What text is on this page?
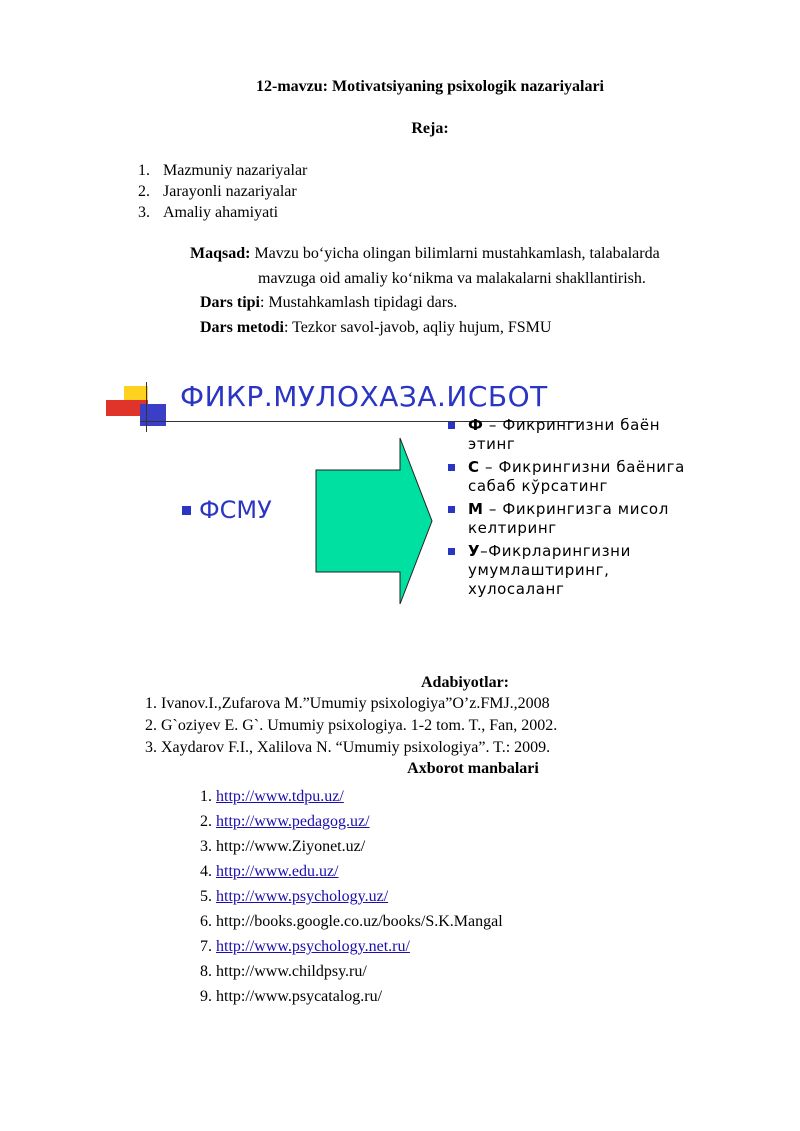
12-mavzu: Motivatsiyaning psixologik nazariyalari
Reja:
1. Mazmuniy nazariyalar
2. Jarayonli nazariyalar
3. Amaliy ahamiyati
Maqsad: Mavzu bo‘yicha olingan bilimlarni mustahkamlash, talabalarda
mavzuga oid amaliy ko‘nikma va malakalarni shakllantirish.
Dars tipi: Mustahkamlash tipidagi dars.
Dars metodi: Tezkor savol-javob, aqliy hujum, FSMU
ФИКР.МУЛОХАЗА.ИСБОТ
ФСМУ
Ф – Фикрингизни баён этинг
С – Фикрингизни баёнига сабаб кўрсатинг
М – Фикрингизга мисол келтиринг
У–Фикрларингизни умумлаштиринг, хулосаланг
Adabiyotlar:
1. Ivanov.I.,Zufarova M.”Umumiy psixologiya”O’z.FMJ.,2008
2. G`oziyev E. G`. Umumiy psixologiya. 1-2 tom. T., Fan, 2002.
3. Xaydarov F.I., Xalilova N. “Umumiy psixologiya”. T.: 2009.
Axborot manbalari
1. http://www.tdpu.uz/
2. http://www.pedagog.uz/
3. http://www.Ziyonet.uz/
4. http://www.edu.uz/
5. http://www.psychology.uz/
6. http://books.google.co.uz/books/S.K.Mangal
7. http://www.psychology.net.ru/
8. http://www.childpsy.ru/
9. http://www.psycatalog.ru/
